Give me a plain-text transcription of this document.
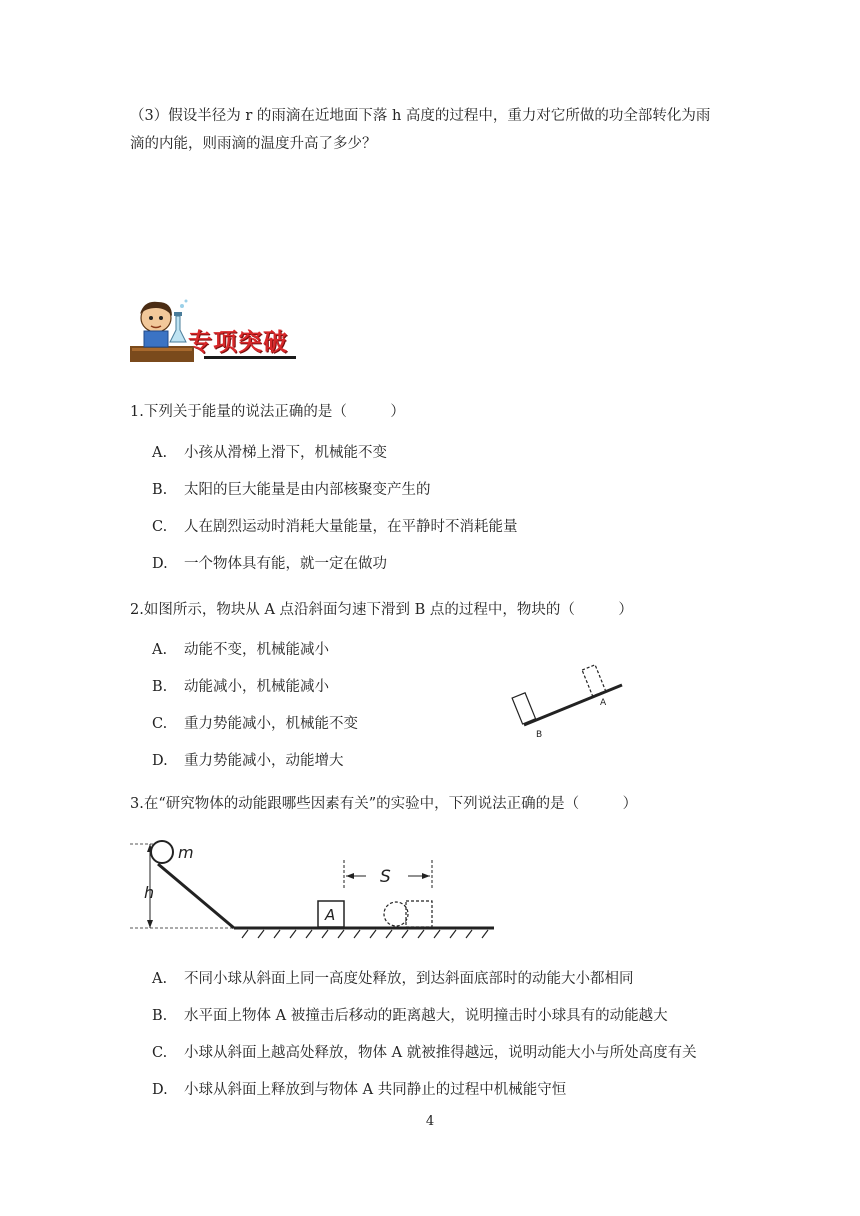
（3）假设半径为 r 的雨滴在近地面下落 h 高度的过程中，重力对它所做的功全部转化为雨
滴的内能，则雨滴的温度升高了多少？
专项突破
1.下列关于能量的说法正确的是（　　　）
A. 小孩从滑梯上滑下，机械能不变
B. 太阳的巨大能量是由内部核聚变产生的
C. 人在剧烈运动时消耗大量能量，在平静时不消耗能量
D. 一个物体具有能，就一定在做功
2.如图所示，物块从 A 点沿斜面匀速下滑到 B 点的过程中，物块的（　　　）
A. 动能不变，机械能减小
B. 动能减小，机械能减小
C. 重力势能减小，机械能不变
D. 重力势能减小，动能增大
A
B
3.在“研究物体的动能跟哪些因素有关”的实验中，下列说法正确的是（　　　）
h
m
A
S
A. 不同小球从斜面上同一高度处释放，到达斜面底部时的动能大小都相同
B. 水平面上物体 A 被撞击后移动的距离越大，说明撞击时小球具有的动能越大
C. 小球从斜面上越高处释放，物体 A 就被推得越远，说明动能大小与所处高度有关
D. 小球从斜面上释放到与物体 A 共同静止的过程中机械能守恒
4
